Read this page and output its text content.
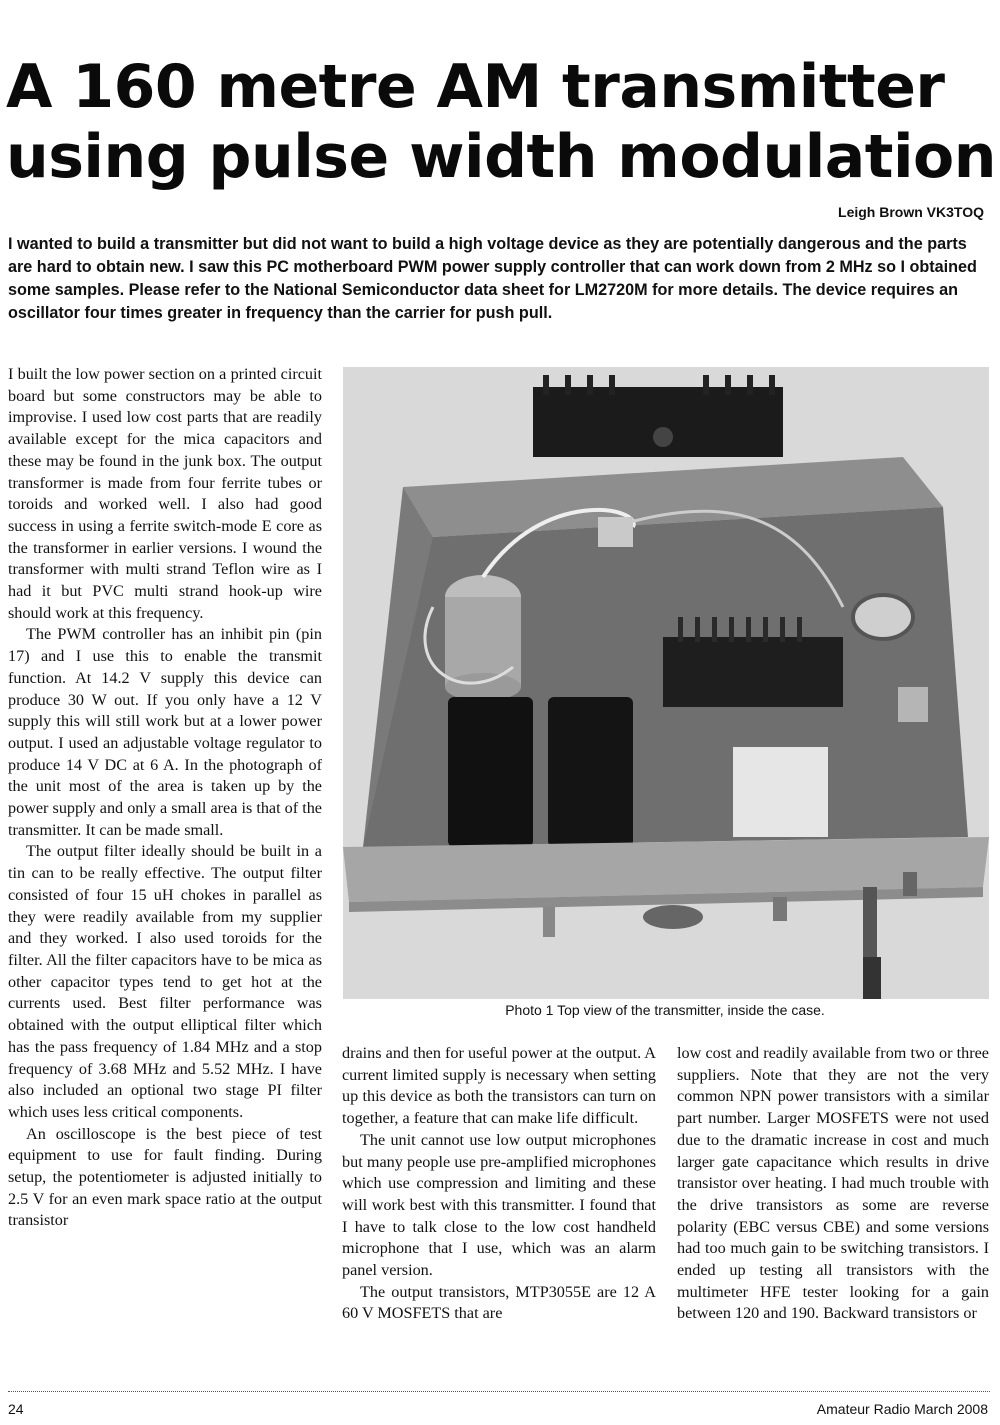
A 160 metre AM transmitter
using pulse width modulation
Leigh Brown VK3TOQ

I wanted to build a transmitter but did not want to build a high voltage device as they are potentially dangerous and the parts are hard to obtain new. I saw this PC motherboard PWM power supply controller that can work down from 2 MHz so I obtained some samples. Please refer to the National Semiconductor data sheet for LM2720M for more details. The device requires an oscillator four times greater in frequency than the carrier for push pull.

I built the low power section on a printed circuit board but some constructors may be able to improvise. I used low cost parts that are readily available except for the mica capacitors and these may be found in the junk box. The output transformer is made from four ferrite tubes or toroids and worked well. I also had good success in using a ferrite switch-mode E core as the transformer in earlier versions. I wound the transformer with multi strand Teflon wire as I had it but PVC multi strand hook-up wire should work at this frequency.

The PWM controller has an inhibit pin (pin 17) and I use this to enable the transmit function. At 14.2 V supply this device can produce 30 W out. If you only have a 12 V supply this will still work but at a lower power output. I used an adjustable voltage regulator to produce 14 V DC at 6 A. In the photograph of the unit most of the area is taken up by the power supply and only a small area is that of the transmitter. It can be made small.

The output filter ideally should be built in a tin can to be really effective. The output filter consisted of four 15 uH chokes in parallel as they were readily available from my supplier and they worked. I also used toroids for the filter. All the filter capacitors have to be mica as other capacitor types tend to get hot at the currents used. Best filter performance was obtained with the output elliptical filter which has the pass frequency of 1.84 MHz and a stop frequency of 3.68 MHz and 5.52 MHz. I have also included an optional two stage PI filter which uses less critical components.

An oscilloscope is the best piece of test equipment to use for fault finding. During setup, the potentiometer is adjusted initially to 2.5 V for an even mark space ratio at the output transistor

Photo 1 Top view of the transmitter, inside the case.

drains and then for useful power at the output. A current limited supply is necessary when setting up this device as both the transistors can turn on together, a feature that can make life difficult.

The unit cannot use low output microphones but many people use pre-amplified microphones which use compression and limiting and these will work best with this transmitter. I found that I have to talk close to the low cost handheld microphone that I use, which was an alarm panel version.

The output transistors, MTP3055E are 12 A 60 V MOSFETS that are

low cost and readily available from two or three suppliers. Note that they are not the very common NPN power transistors with a similar part number. Larger MOSFETS were not used due to the dramatic increase in cost and much larger gate capacitance which results in drive transistor over heating. I had much trouble with the drive transistors as some are reverse polarity (EBC versus CBE) and some versions had too much gain to be switching transistors. I ended up testing all transistors with the multimeter HFE tester looking for a gain between 120 and 190. Backward transistors or

24	Amateur Radio March 2008
